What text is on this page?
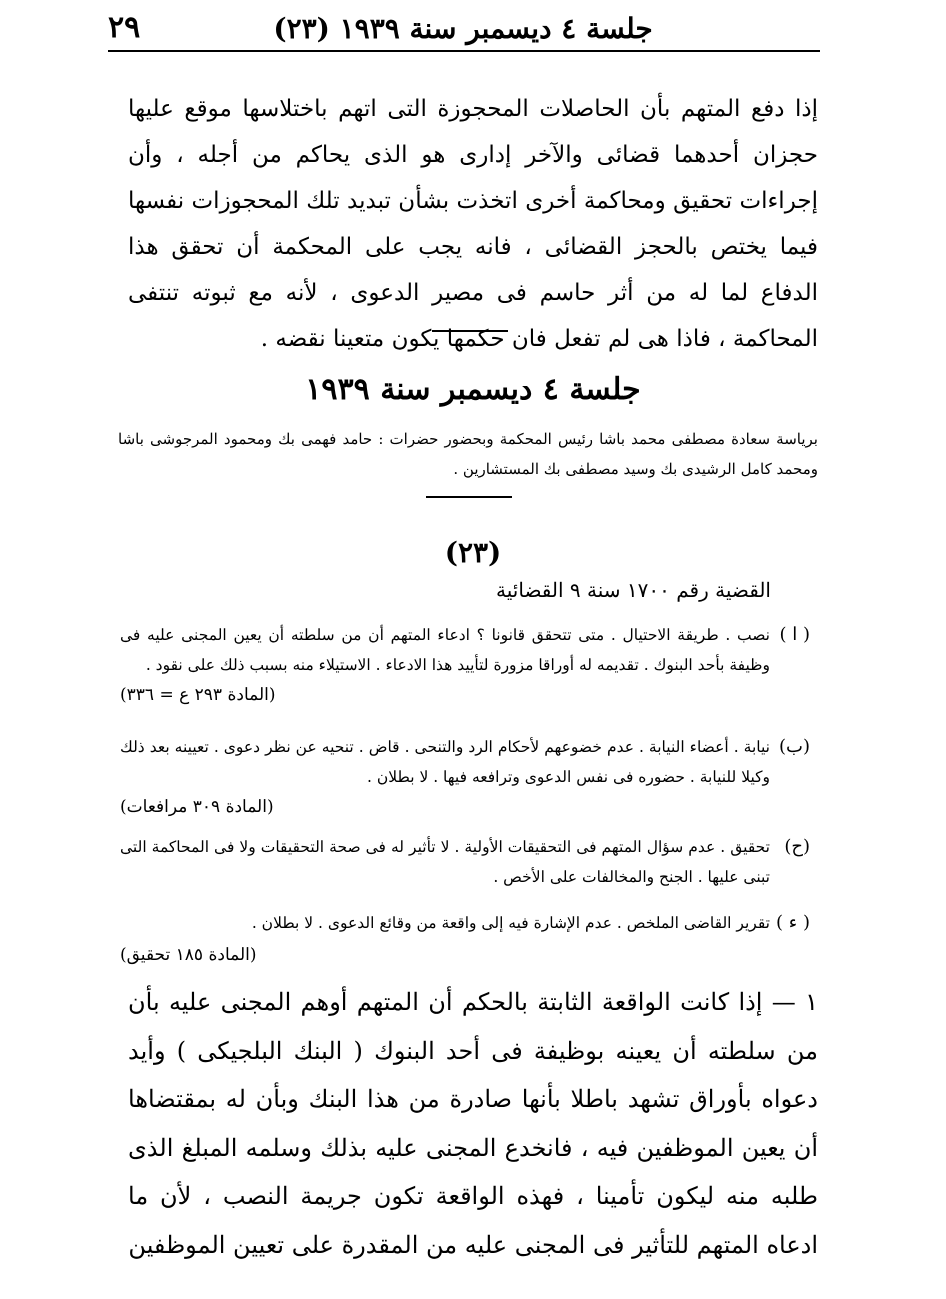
جلسة ٤ ديسمبر سنة ١٩٣٩ (٢٣)
٢٩
إذا دفع المتهم بأن الحاصلات المحجوزة التى اتهم باختلاسها موقع عليها حجزان أحدهما قضائى والآخر إدارى هو الذى يحاكم من أجله ، وأن إجراءات تحقيق ومحاكمة أخرى اتخذت بشأن تبديد تلك المحجوزات نفسها فيما يختص بالحجز القضائى ، فانه يجب على المحكمة أن تحقق هذا الدفاع لما له من أثر حاسم فى مصير الدعوى ، لأنه مع ثبوته تنتفى المحاكمة ، فاذا هى لم تفعل فان حكمها يكون متعينا نقضه .
جلسة ٤ ديسمبر سنة ١٩٣٩
برياسة سعادة مصطفى محمد باشا رئيس المحكمة وبحضور حضرات : حامد فهمى بك ومحمود المرجوشى باشا ومحمد كامل الرشيدى بك وسيد مصطفى بك المستشارين .
(٢٣)
القضية رقم ١٧٠٠ سنة ٩ القضائية
( ا )
نصب . طريقة الاحتيال . متى تتحقق قانونا ؟ ادعاء المتهم أن من سلطته أن يعين المجنى عليه فى وظيفة بأحد البنوك . تقديمه له أوراقا مزورة لتأييد هذا الادعاء . الاستيلاء منه بسبب ذلك على نقود .
(المادة ٢٩٣ ع = ٣٣٦)
(ب)
نيابة . أعضاء النيابة . عدم خضوعهم لأحكام الرد والتنحى . قاض . تنحيه عن نظر دعوى . تعيينه بعد ذلك وكيلا للنيابة . حضوره فى نفس الدعوى وترافعه فيها . لا بطلان .
(المادة ٣٠٩ مرافعات)
(ح)
تحقيق . عدم سؤال المتهم فى التحقيقات الأولية . لا تأثير له فى صحة التحقيقات ولا فى المحاكمة التى تبنى عليها . الجنح والمخالفات على الأخص .
( ء )
تقرير القاضى الملخص . عدم الإشارة فيه إلى واقعة من وقائع الدعوى . لا بطلان .
(المادة ١٨٥ تحقيق)
١ — إذا كانت الواقعة الثابتة بالحكم أن المتهم أوهم المجنى عليه بأن من سلطته أن يعينه بوظيفة فى أحد البنوك ( البنك البلجيكى ) وأيد دعواه بأوراق تشهد باطلا بأنها صادرة من هذا البنك وبأن له بمقتضاها أن يعين الموظفين فيه ، فانخدع المجنى عليه بذلك وسلمه المبلغ الذى طلبه منه ليكون تأمينا ، فهذه الواقعة تكون جريمة النصب ، لأن ما ادعاه المتهم للتأثير فى المجنى عليه من المقدرة على تعيين الموظفين
